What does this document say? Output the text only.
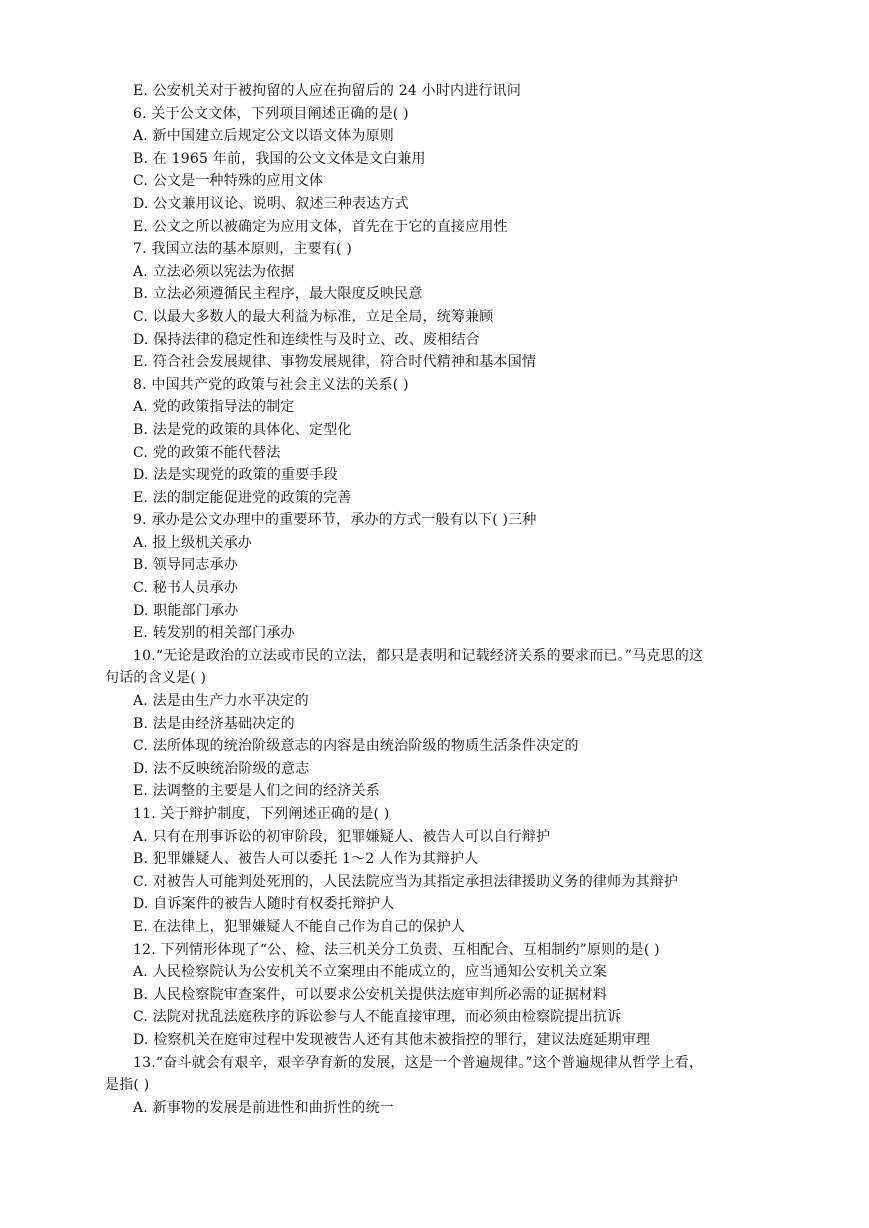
E. 公安机关对于被拘留的人应在拘留后的 24 小时内进行讯问
6. 关于公文文体，下列项目阐述正确的是( )
A. 新中国建立后规定公文以语文体为原则
B. 在 1965 年前，我国的公文文体是文白兼用
C. 公文是一种特殊的应用文体
D. 公文兼用议论、说明、叙述三种表达方式
E. 公文之所以被确定为应用文体，首先在于它的直接应用性
7. 我国立法的基本原则，主要有( )
A. 立法必须以宪法为依据
B. 立法必须遵循民主程序，最大限度反映民意
C. 以最大多数人的最大利益为标准，立足全局，统筹兼顾
D. 保持法律的稳定性和连续性与及时立、改、废相结合
E. 符合社会发展规律、事物发展规律，符合时代精神和基本国情
8. 中国共产党的政策与社会主义法的关系( )
A. 党的政策指导法的制定
B. 法是党的政策的具体化、定型化
C. 党的政策不能代替法
D. 法是实现党的政策的重要手段
E. 法的制定能促进党的政策的完善
9. 承办是公文办理中的重要环节，承办的方式一般有以下( )三种
A. 报上级机关承办
B. 领导同志承办
C. 秘书人员承办
D. 职能部门承办
E. 转发别的相关部门承办
10.“无论是政治的立法或市民的立法，都只是表明和记载经济关系的要求而已。”马克思的这
句话的含义是( )
A. 法是由生产力水平决定的
B. 法是由经济基础决定的
C. 法所体现的统治阶级意志的内容是由统治阶级的物质生活条件决定的
D. 法不反映统治阶级的意志
E. 法调整的主要是人们之间的经济关系
11. 关于辩护制度，下列阐述正确的是( )
A. 只有在刑事诉讼的初审阶段，犯罪嫌疑人、被告人可以自行辩护
B. 犯罪嫌疑人、被告人可以委托 1～2 人作为其辩护人
C. 对被告人可能判处死刑的，人民法院应当为其指定承担法律援助义务的律师为其辩护
D. 自诉案件的被告人随时有权委托辩护人
E. 在法律上，犯罪嫌疑人不能自己作为自己的保护人
12. 下列情形体现了“公、检、法三机关分工负责、互相配合、互相制约”原则的是( )
A. 人民检察院认为公安机关不立案理由不能成立的，应当通知公安机关立案
B. 人民检察院审查案件，可以要求公安机关提供法庭审判所必需的证据材料
C. 法院对扰乱法庭秩序的诉讼参与人不能直接审理，而必须由检察院提出抗诉
D. 检察机关在庭审过程中发现被告人还有其他未被指控的罪行，建议法庭延期审理
13.“奋斗就会有艰辛，艰辛孕育新的发展，这是一个普遍规律。”这个普遍规律从哲学上看，
是指( )
A. 新事物的发展是前进性和曲折性的统一
